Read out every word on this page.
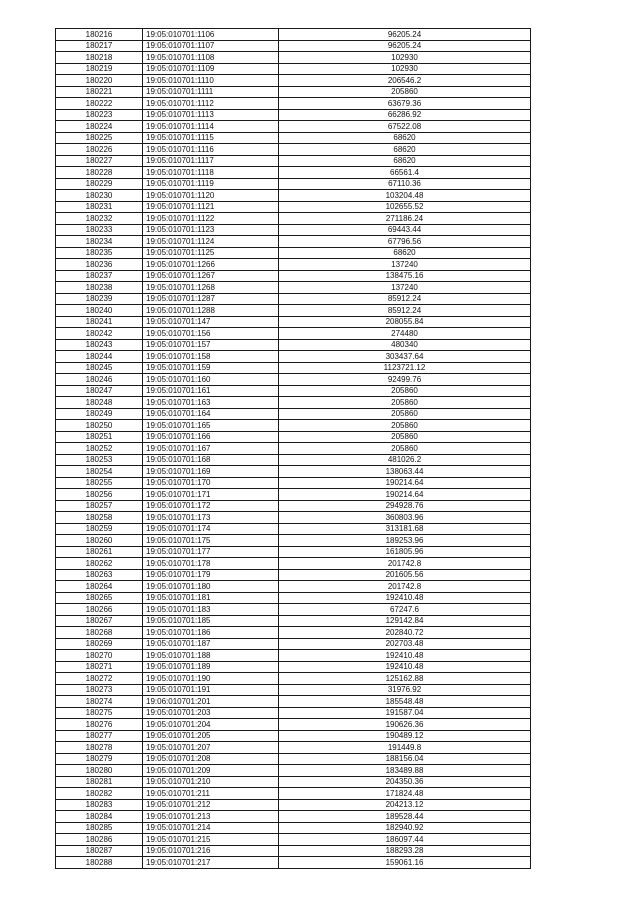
180216	19:05:010701:1106	96205.24
180217	19:05:010701:1107	96205.24
180218	19:05:010701:1108	102930
180219	19:05:010701:1109	102930
180220	19:05:010701:1110	206546.2
180221	19:05:010701:1111	205860
180222	19:05:010701:1112	63679.36
180223	19:05:010701:1113	66286.92
180224	19:05:010701:1114	67522.08
180225	19:05:010701:1115	68620
180226	19:05:010701:1116	68620
180227	19:05:010701:1117	68620
180228	19:05:010701:1118	66561.4
180229	19:05:010701:1119	67110.36
180230	19:05:010701:1120	103204.48
180231	19:05:010701:1121	102655.52
180232	19:05:010701:1122	271186.24
180233	19:05:010701:1123	69443.44
180234	19:05:010701:1124	67796.56
180235	19:05:010701:1125	68620
180236	19:05:010701:1266	137240
180237	19:05:010701:1267	138475.16
180238	19:05:010701:1268	137240
180239	19:05:010701:1287	85912.24
180240	19:05:010701:1288	85912.24
180241	19:05:010701:147	208055.84
180242	19:05:010701:156	274480
180243	19:05:010701:157	480340
180244	19:05:010701:158	303437.64
180245	19:05:010701:159	1123721.12
180246	19:05:010701:160	92499.76
180247	19:05:010701:161	205860
180248	19:05:010701:163	205860
180249	19:05:010701:164	205860
180250	19:05:010701:165	205860
180251	19:05:010701:166	205860
180252	19:05:010701:167	205860
180253	19:05:010701:168	481026.2
180254	19:05:010701:169	138063.44
180255	19:05:010701:170	190214.64
180256	19:05:010701:171	190214.64
180257	19:05:010701:172	294928.76
180258	19:05:010701:173	360803.96
180259	19:05:010701:174	313181.68
180260	19:05:010701:175	189253.96
180261	19:05:010701:177	161805.96
180262	19:05:010701:178	201742.8
180263	19:05:010701:179	201605.56
180264	19:05:010701:180	201742.8
180265	19:05:010701:181	192410.48
180266	19:05:010701:183	67247.6
180267	19:05:010701:185	129142.84
180268	19:05:010701:186	202840.72
180269	19:05:010701:187	202703.48
180270	19:05:010701:188	192410.48
180271	19:05:010701:189	192410.48
180272	19:05:010701:190	125162.88
180273	19:05:010701:191	31976.92
180274	19:06:010701:201	185548.48
180275	19:05:010701:203	191587.04
180276	19:05:010701:204	190626.36
180277	19:05:010701:205	190489.12
180278	19:05:010701:207	191449.8
180279	19:05:010701:208	188156.04
180280	19:05:010701:209	183489.88
180281	19:05:010701:210	204350.36
180282	19:05:010701:211	171824.48
180283	19:05:010701:212	204213.12
180284	19:05:010701:213	189528.44
180285	19:05:010701:214	182940.92
180286	19:05:010701:215	186097.44
180287	19:05:010701:216	188293.28
180288	19:05:010701:217	159061.16
